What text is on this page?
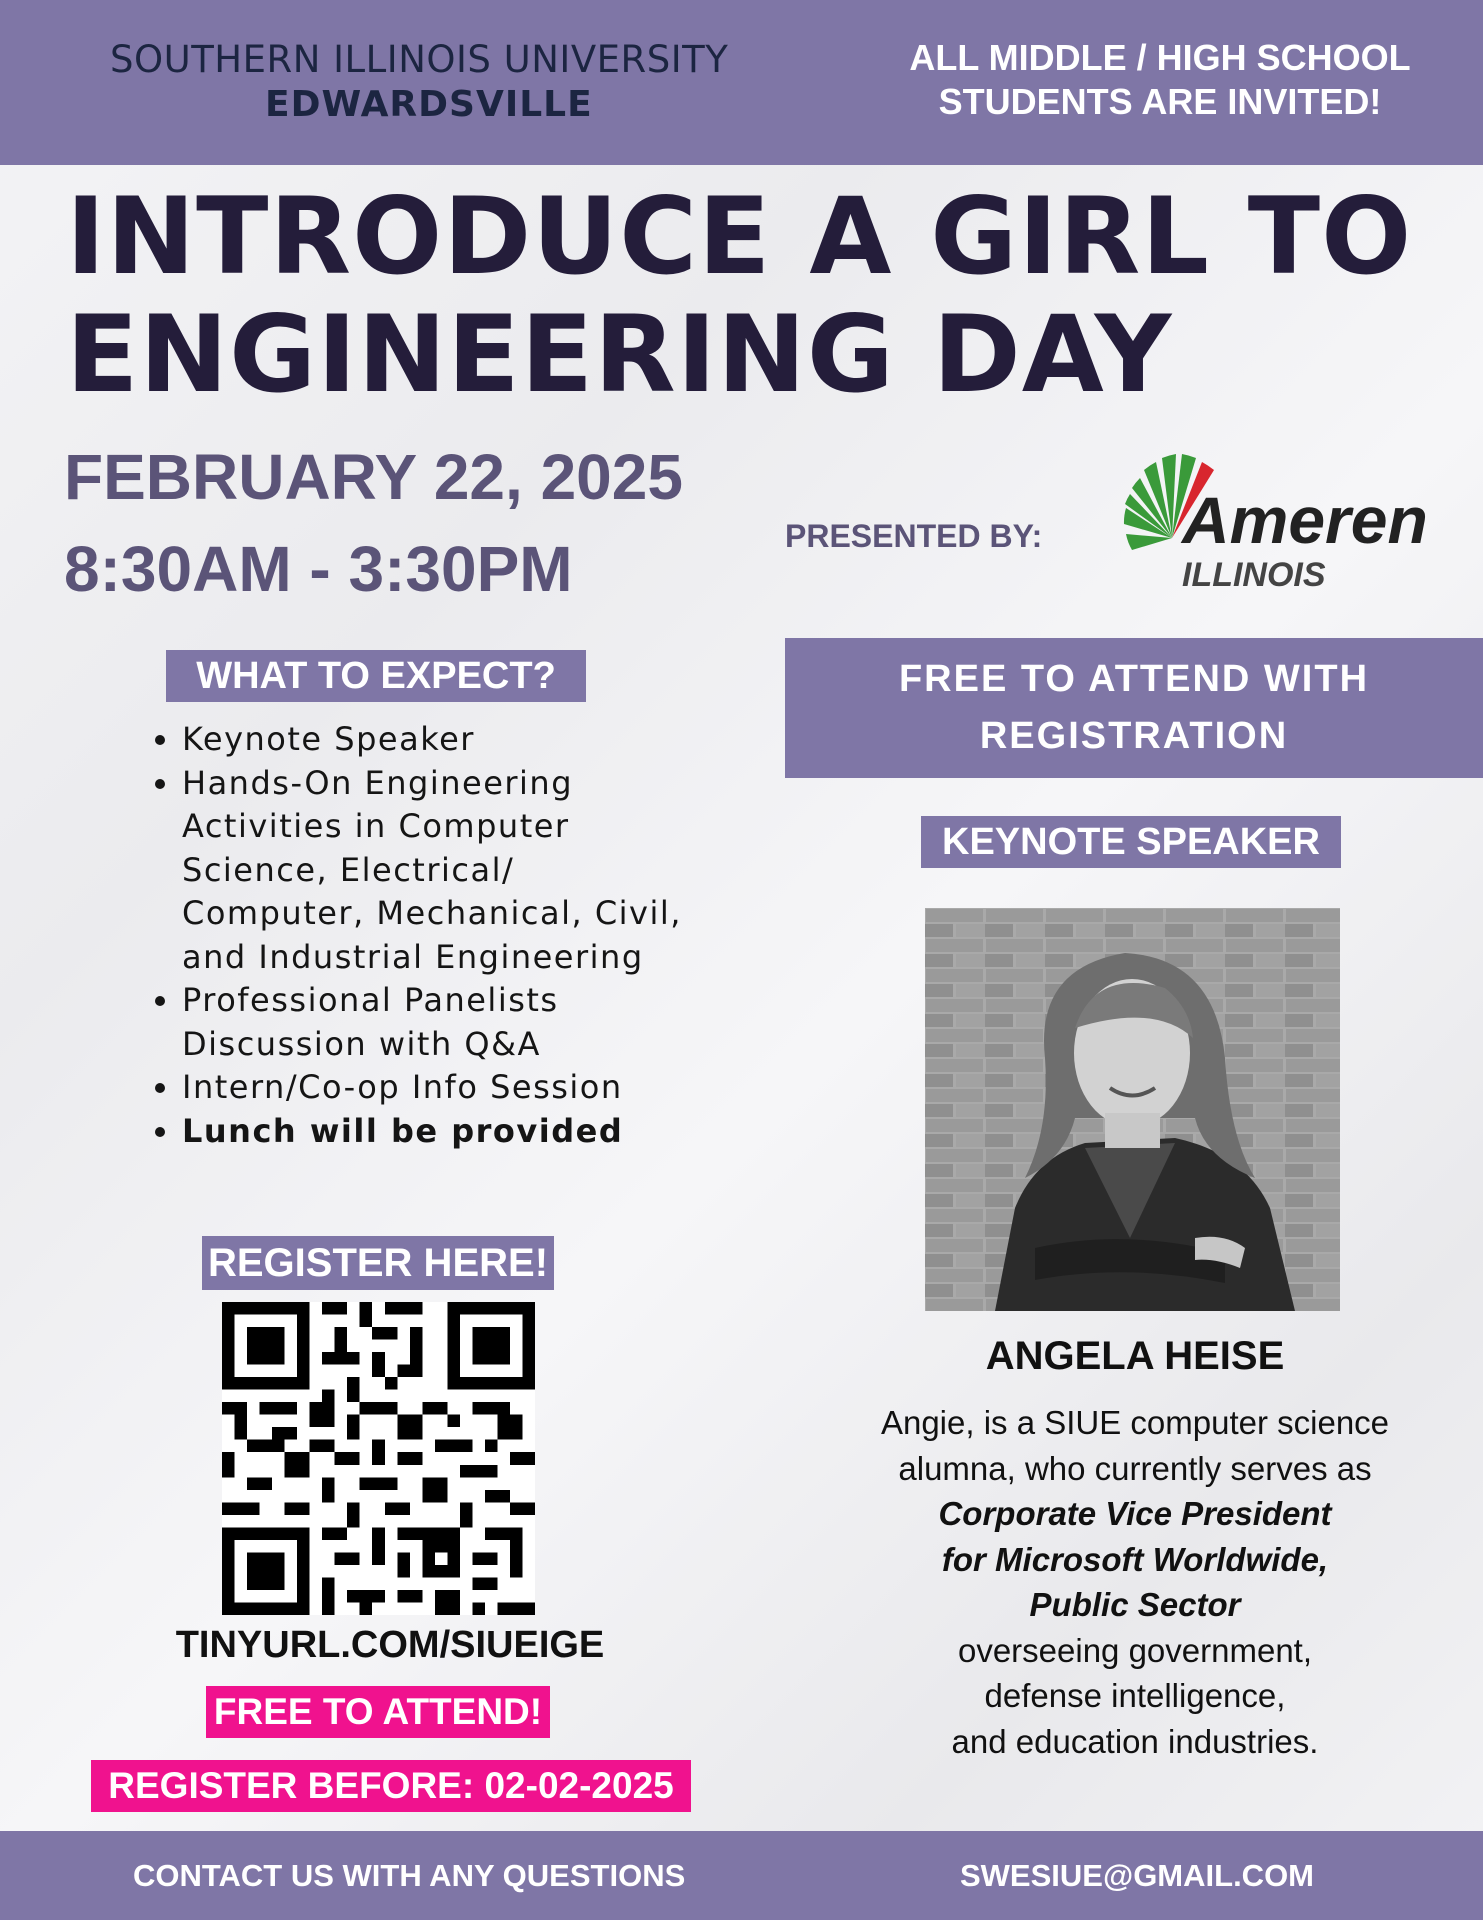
SOUTHERN ILLINOIS UNIVERSITY
EDWARDSVILLE
ALL MIDDLE / HIGH SCHOOL
STUDENTS ARE INVITED!
INTRODUCE A GIRL TO
ENGINEERING DAY
FEBRUARY 22, 2025
8:30AM - 3:30PM	PRESENTED BY: Ameren
ILLINOIS
WHAT TO EXPECT?
• Keynote Speaker
• Hands-On Engineering Activities in Computer Science, Electrical/ Computer, Mechanical, Civil, and Industrial Engineering
• Professional Panelists Discussion with Q&A
• Intern/Co-op Info Session
• Lunch will be provided
REGISTER HERE!
TINYURL.COM/SIUEIGE
FREE TO ATTEND!
REGISTER BEFORE: 02-02-2025
FREE TO ATTEND WITH
REGISTRATION
KEYNOTE SPEAKER
ANGELA HEISE
Angie, is a SIUE computer science alumna, who currently serves as
Corporate Vice President
for Microsoft Worldwide,
Public Sector
overseeing government,
defense intelligence,
and education industries.
CONTACT US WITH ANY QUESTIONS	SWESIUE@GMAIL.COM
